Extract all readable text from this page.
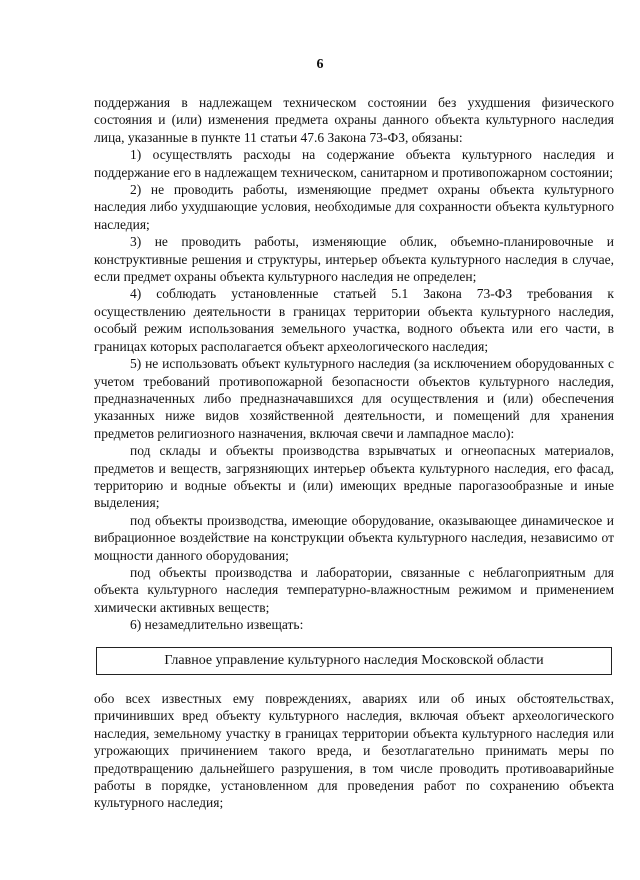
6

поддержания в надлежащем техническом состоянии без ухудшения физического состояния и (или) изменения предмета охраны данного объекта культурного наследия лица, указанные в пункте 11 статьи 47.6 Закона 73-ФЗ, обязаны:

1) осуществлять расходы на содержание объекта культурного наследия и поддержание его в надлежащем техническом, санитарном и противопожарном состоянии;

2) не проводить работы, изменяющие предмет охраны объекта культурного наследия либо ухудшающие условия, необходимые для сохранности объекта культурного наследия;

3) не проводить работы, изменяющие облик, объемно-планировочные и конструктивные решения и структуры, интерьер объекта культурного наследия в случае, если предмет охраны объекта культурного наследия не определен;

4) соблюдать установленные статьей 5.1 Закона 73-ФЗ требования к осуществлению деятельности в границах территории объекта культурного наследия, особый режим использования земельного участка, водного объекта или его части, в границах которых располагается объект археологического наследия;

5) не использовать объект культурного наследия (за исключением оборудованных с учетом требований противопожарной безопасности объектов культурного наследия, предназначенных либо предназначавшихся для осуществления и (или) обеспечения указанных ниже видов хозяйственной деятельности, и помещений для хранения предметов религиозного назначения, включая свечи и лампадное масло):

под склады и объекты производства взрывчатых и огнеопасных материалов, предметов и веществ, загрязняющих интерьер объекта культурного наследия, его фасад, территорию и водные объекты и (или) имеющих вредные парогазообразные и иные выделения;

под объекты производства, имеющие оборудование, оказывающее динамическое и вибрационное воздействие на конструкции объекта культурного наследия, независимо от мощности данного оборудования;

под объекты производства и лаборатории, связанные с неблагоприятным для объекта культурного наследия температурно-влажностным режимом и применением химически активных веществ;

6) незамедлительно извещать:

Главное управление культурного наследия Московской области

обо всех известных ему повреждениях, авариях или об иных обстоятельствах, причинивших вред объекту культурного наследия, включая объект археологического наследия, земельному участку в границах территории объекта культурного наследия или угрожающих причинением такого вреда, и безотлагательно принимать меры по предотвращению дальнейшего разрушения, в том числе проводить противоаварийные работы в порядке, установленном для проведения работ по сохранению объекта культурного наследия;
